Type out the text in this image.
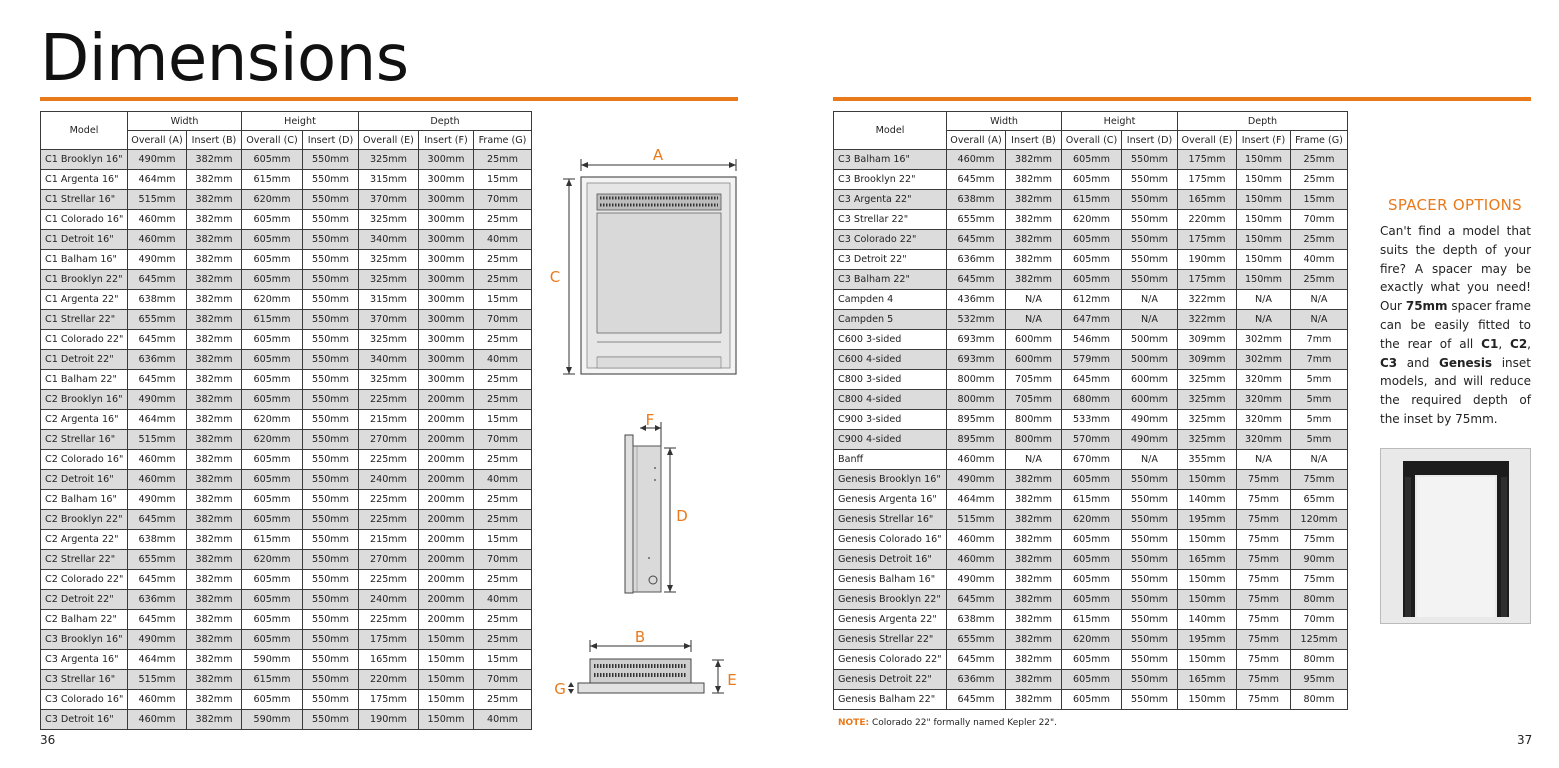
Dimensions
Model	Width		Height		Depth		
	Overall (A)	Insert (B)	Overall (C)	Insert (D)	Overall (E)	Insert (F)	Frame (G)
C1 Brooklyn 16"	490mm	382mm	605mm	550mm	325mm	300mm	25mm
C1 Argenta 16"	464mm	382mm	615mm	550mm	315mm	300mm	15mm
C1 Strellar 16"	515mm	382mm	620mm	550mm	370mm	300mm	70mm
C1 Colorado 16"	460mm	382mm	605mm	550mm	325mm	300mm	25mm
C1 Detroit 16"	460mm	382mm	605mm	550mm	340mm	300mm	40mm
C1 Balham 16"	490mm	382mm	605mm	550mm	325mm	300mm	25mm
C1 Brooklyn 22"	645mm	382mm	605mm	550mm	325mm	300mm	25mm
C1 Argenta 22"	638mm	382mm	620mm	550mm	315mm	300mm	15mm
C1 Strellar 22"	655mm	382mm	615mm	550mm	370mm	300mm	70mm
C1 Colorado 22"	645mm	382mm	605mm	550mm	325mm	300mm	25mm
C1 Detroit 22"	636mm	382mm	605mm	550mm	340mm	300mm	40mm
C1 Balham 22"	645mm	382mm	605mm	550mm	325mm	300mm	25mm
C2 Brooklyn 16"	490mm	382mm	605mm	550mm	225mm	200mm	25mm
C2 Argenta 16"	464mm	382mm	620mm	550mm	215mm	200mm	15mm
C2 Strellar 16"	515mm	382mm	620mm	550mm	270mm	200mm	70mm
C2 Colorado 16"	460mm	382mm	605mm	550mm	225mm	200mm	25mm
C2 Detroit 16"	460mm	382mm	605mm	550mm	240mm	200mm	40mm
C2 Balham 16"	490mm	382mm	605mm	550mm	225mm	200mm	25mm
C2 Brooklyn 22"	645mm	382mm	605mm	550mm	225mm	200mm	25mm
C2 Argenta 22"	638mm	382mm	615mm	550mm	215mm	200mm	15mm
C2 Strellar 22"	655mm	382mm	620mm	550mm	270mm	200mm	70mm
C2 Colorado 22"	645mm	382mm	605mm	550mm	225mm	200mm	25mm
C2 Detroit 22"	636mm	382mm	605mm	550mm	240mm	200mm	40mm
C2 Balham 22"	645mm	382mm	605mm	550mm	225mm	200mm	25mm
C3 Brooklyn 16"	490mm	382mm	605mm	550mm	175mm	150mm	25mm
C3 Argenta 16"	464mm	382mm	590mm	550mm	165mm	150mm	15mm
C3 Strellar 16"	515mm	382mm	615mm	550mm	220mm	150mm	70mm
C3 Colorado 16"	460mm	382mm	605mm	550mm	175mm	150mm	25mm
C3 Detroit 16"	460mm	382mm	590mm	550mm	190mm	150mm	40mm
Model	Width		Height		Depth		
	Overall (A)	Insert (B)	Overall (C)	Insert (D)	Overall (E)	Insert (F)	Frame (G)
C3 Balham 16"	460mm	382mm	605mm	550mm	175mm	150mm	25mm
C3 Brooklyn 22"	645mm	382mm	605mm	550mm	175mm	150mm	25mm
C3 Argenta 22"	638mm	382mm	615mm	550mm	165mm	150mm	15mm
C3 Strellar 22"	655mm	382mm	620mm	550mm	220mm	150mm	70mm
C3 Colorado 22"	645mm	382mm	605mm	550mm	175mm	150mm	25mm
C3 Detroit 22"	636mm	382mm	605mm	550mm	190mm	150mm	40mm
C3 Balham 22"	645mm	382mm	605mm	550mm	175mm	150mm	25mm
Campden 4	436mm	N/A	612mm	N/A	322mm	N/A	N/A
Campden 5	532mm	N/A	647mm	N/A	322mm	N/A	N/A
C600 3-sided	693mm	600mm	546mm	500mm	309mm	302mm	7mm
C600 4-sided	693mm	600mm	579mm	500mm	309mm	302mm	7mm
C800 3-sided	800mm	705mm	645mm	600mm	325mm	320mm	5mm
C800 4-sided	800mm	705mm	680mm	600mm	325mm	320mm	5mm
C900 3-sided	895mm	800mm	533mm	490mm	325mm	320mm	5mm
C900 4-sided	895mm	800mm	570mm	490mm	325mm	320mm	5mm
Banff	460mm	N/A	670mm	N/A	355mm	N/A	N/A
Genesis Brooklyn 16"	490mm	382mm	605mm	550mm	150mm	75mm	75mm
Genesis Argenta 16"	464mm	382mm	615mm	550mm	140mm	75mm	65mm
Genesis Strellar 16"	515mm	382mm	620mm	550mm	195mm	75mm	120mm
Genesis Colorado 16"	460mm	382mm	605mm	550mm	150mm	75mm	75mm
Genesis Detroit 16"	460mm	382mm	605mm	550mm	165mm	75mm	90mm
Genesis Balham 16"	490mm	382mm	605mm	550mm	150mm	75mm	75mm
Genesis Brooklyn 22"	645mm	382mm	605mm	550mm	150mm	75mm	80mm
Genesis Argenta 22"	638mm	382mm	615mm	550mm	140mm	75mm	70mm
Genesis Strellar 22"	655mm	382mm	620mm	550mm	195mm	75mm	125mm
Genesis Colorado 22"	645mm	382mm	605mm	550mm	150mm	75mm	80mm
Genesis Detroit 22"	636mm	382mm	605mm	550mm	165mm	75mm	95mm
Genesis Balham 22"	645mm	382mm	605mm	550mm	150mm	75mm	80mm
A
C
F
D
B
E
G
SPACER OPTIONS
Can't find a model that suits the depth of your fire? A spacer may be exactly what you need! Our 75mm spacer frame can be easily fitted to the rear of all C1, C2, C3 and Genesis inset models, and will reduce the required depth of the inset by 75mm.
NOTE: Colorado 22" formally named Kepler 22".
36	37
